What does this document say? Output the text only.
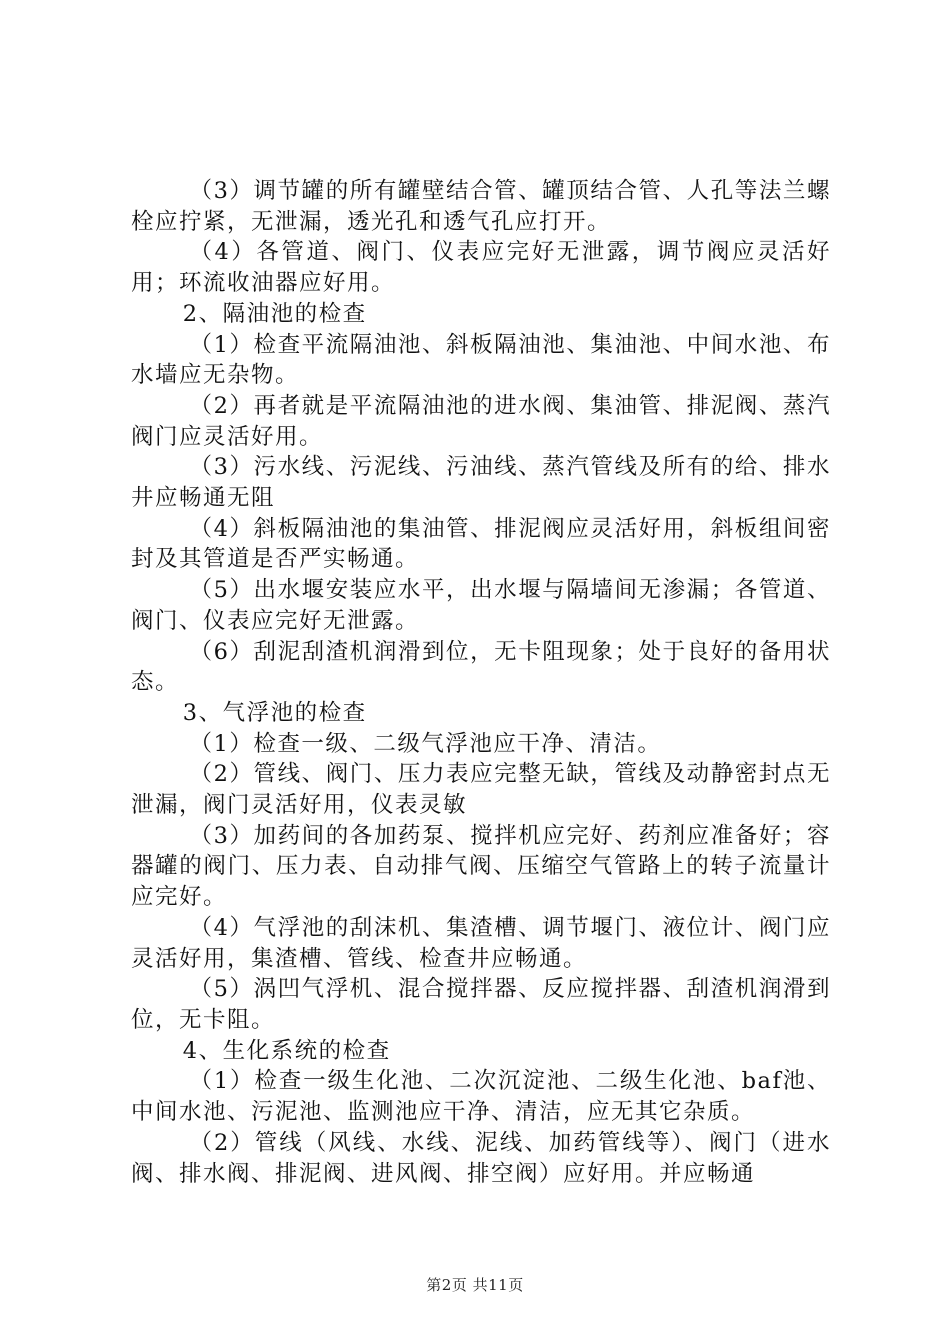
（3）调节罐的所有罐壁结合管、罐顶结合管、人孔等法兰螺栓应拧紧，无泄漏，透光孔和透气孔应打开。

（4）各管道、阀门、仪表应完好无泄露，调节阀应灵活好用；环流收油器应好用。

2、隔油池的检查

（1）检查平流隔油池、斜板隔油池、集油池、中间水池、布水墙应无杂物。

（2）再者就是平流隔油池的进水阀、集油管、排泥阀、蒸汽阀门应灵活好用。

（3）污水线、污泥线、污油线、蒸汽管线及所有的给、排水井应畅通无阻

（4）斜板隔油池的集油管、排泥阀应灵活好用，斜板组间密封及其管道是否严实畅通。

（5）出水堰安装应水平，出水堰与隔墙间无渗漏；各管道、阀门、仪表应完好无泄露。

（6）刮泥刮渣机润滑到位，无卡阻现象；处于良好的备用状态。

3、气浮池的检查

（1）检查一级、二级气浮池应干净、清洁。

（2）管线、阀门、压力表应完整无缺，管线及动静密封点无泄漏，阀门灵活好用，仪表灵敏

（3）加药间的各加药泵、搅拌机应完好、药剂应准备好；容器罐的阀门、压力表、自动排气阀、压缩空气管路上的转子流量计应完好。

（4）气浮池的刮沫机、集渣槽、调节堰门、液位计、阀门应灵活好用，集渣槽、管线、检查井应畅通。

（5）涡凹气浮机、混合搅拌器、反应搅拌器、刮渣机润滑到位，无卡阻。

4、生化系统的检查

（1）检查一级生化池、二次沉淀池、二级生化池、baf池、中间水池、污泥池、监测池应干净、清洁，应无其它杂质。

（2）管线（风线、水线、泥线、加药管线等）、阀门（进水阀、排水阀、排泥阀、进风阀、排空阀）应好用。并应畅通

第2页 共11页
